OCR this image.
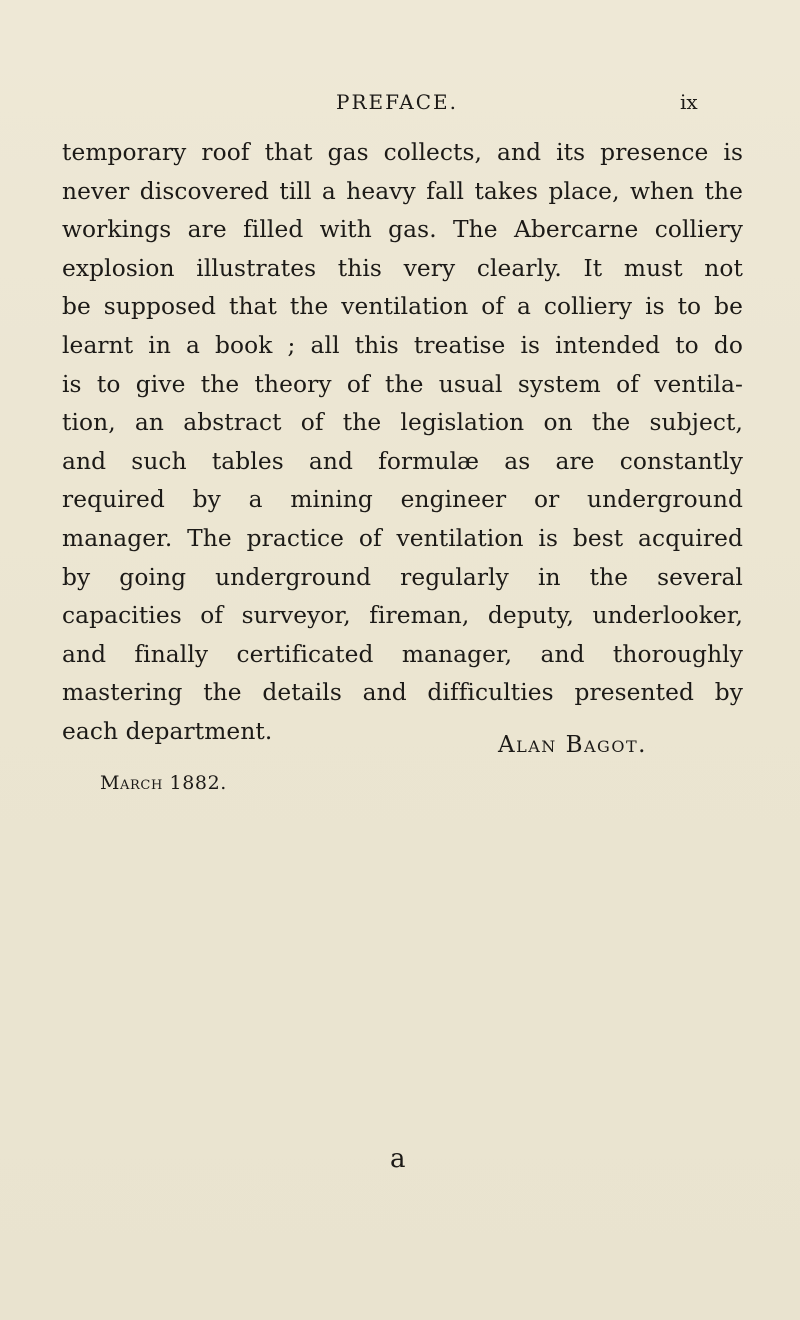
PREFACE.	ix
temporary roof that gas collects, and its presence is
never discovered till a heavy fall takes place, when the
workings are filled with gas. The Abercarne colliery
explosion illustrates this very clearly. It must not
be supposed that the ventilation of a colliery is to be
learnt in a book ; all this treatise is intended to do
is to give the theory of the usual system of ventila-
tion, an abstract of the legislation on the subject,
and such tables and formulæ as are constantly
required by a mining engineer or underground
manager. The practice of ventilation is best acquired
by going underground regularly in the several
capacities of surveyor, fireman, deputy, underlooker,
and finally certificated manager, and thoroughly
mastering the details and difficulties presented by
each department.
Alan Bagot.
March 1882.
a
